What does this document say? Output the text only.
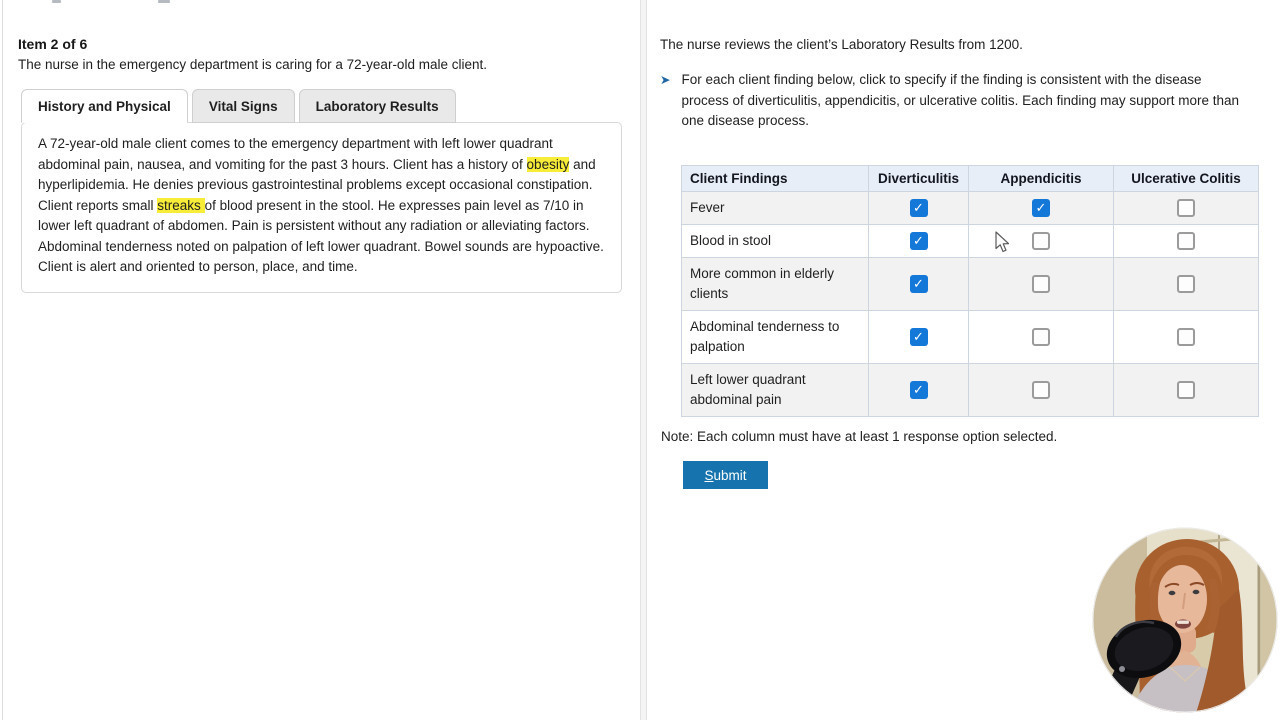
Item 2 of 6
The nurse in the emergency department is caring for a 72-year-old male client.
History and Physical	Vital Signs	Laboratory Results
A 72-year-old male client comes to the emergency department with left lower quadrant abdominal pain, nausea, and vomiting for the past 3 hours. Client has a history of obesity and hyperlipidemia. He denies previous gastrointestinal problems except occasional constipation. Client reports small streaks of blood present in the stool. He expresses pain level as 7/10 in lower left quadrant of abdomen. Pain is persistent without any radiation or alleviating factors. Abdominal tenderness noted on palpation of left lower quadrant. Bowel sounds are hypoactive. Client is alert and oriented to person, place, and time.
The nurse reviews the client’s Laboratory Results from 1200.
➤ For each client finding below, click to specify if the finding is consistent with the disease process of diverticulitis, appendicitis, or ulcerative colitis. Each finding may support more than one disease process.
Client Findings	Diverticulitis	Appendicitis	Ulcerative Colitis
Fever	✓	✓	
Blood in stool	✓		
More common in elderly clients	✓		
Abdominal tenderness to palpation	✓		
Left lower quadrant abdominal pain	✓		
Note: Each column must have at least 1 response option selected.
Submit
